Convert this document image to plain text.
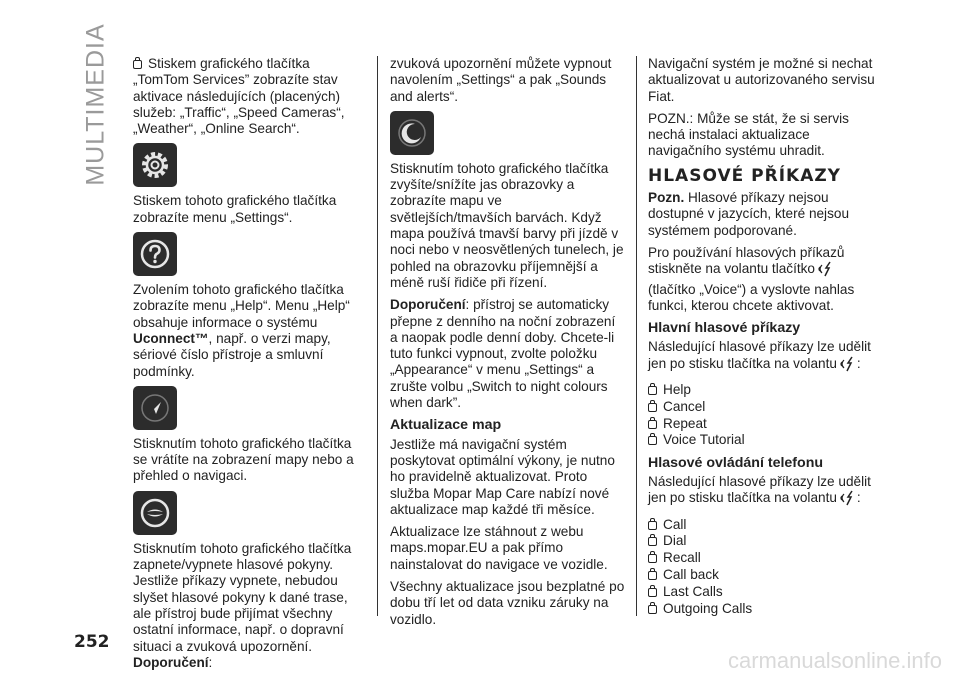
MULTIMEDIA	Stiskem grafického tlačítka „TomTom Services” zobrazíte stav aktivace následujících (placených) služeb: „Traffic“, „Speed Cameras“, „Weather“, „Online Search“.

Stiskem tohoto grafického tlačítka zobrazíte menu „Settings“.

Zvolením tohoto grafického tlačítka zobrazíte menu „Help“. Menu „Help“ obsahuje informace o systému Uconnect™, např. o verzi mapy, sériové číslo přístroje a smluvní podmínky.

Stisknutím tohoto grafického tlačítka se vrátíte na zobrazení mapy nebo a přehled o navigaci.

Stisknutím tohoto grafického tlačítka zapnete/vypnete hlasové pokyny. Jestliže příkazy vypnete, nebudou slyšet hlasové pokyny k dané trase, ale přístroj bude přijímat všechny ostatní informace, např. o dopravní situaci a zvuková upozornění. Doporučení:

zvuková upozornění můžete vypnout navolením „Settings“ a pak „Sounds and alerts“.

Stisknutím tohoto grafického tlačítka zvyšíte/snížíte jas obrazovky a zobrazíte mapu ve světlejších/tmavších barvách. Když mapa používá tmavší barvy při jízdě v noci nebo v neosvětlených tunelech, je pohled na obrazovku příjemnější a méně ruší řidiče při řízení.

Doporučení: přístroj se automaticky přepne z denního na noční zobrazení a naopak podle denní doby. Chcete-li tuto funkci vypnout, zvolte položku „Appearance“ v menu „Settings“ a zrušte volbu „Switch to night colours when dark”.

Aktualizace map

Jestliže má navigační systém poskytovat optimální výkony, je nutno ho pravidelně aktualizovat. Proto služba Mopar Map Care nabízí nové aktualizace map každé tři měsíce.

Aktualizace lze stáhnout z webu maps.mopar.EU a pak přímo nainstalovat do navigace ve vozidle.

Všechny aktualizace jsou bezplatné po dobu tří let od data vzniku záruky na vozidlo.

Navigační systém je možné si nechat aktualizovat u autorizovaného servisu Fiat.

POZN.: Může se stát, že si servis nechá instalaci aktualizace navigačního systému uhradit.

HLASOVÉ PŘÍKAZY

Pozn. Hlasové příkazy nejsou dostupné v jazycích, které nejsou systémem podporované.

Pro používání hlasových příkazů stiskněte na volantu tlačítko (tlačítko „Voice“) a vyslovte nahlas funkci, kterou chcete aktivovat.

Hlavní hlasové příkazy

Následující hlasové příkazy lze udělit jen po stisku tlačítka na volantu :

Help
Cancel
Repeat
Voice Tutorial
Hlasové ovládání telefonu

Následující hlasové příkazy lze udělit jen po stisku tlačítka na volantu :

Call
Dial
Recall
Call back
Last Calls
Outgoing Calls
252
carmanualsonline.info
